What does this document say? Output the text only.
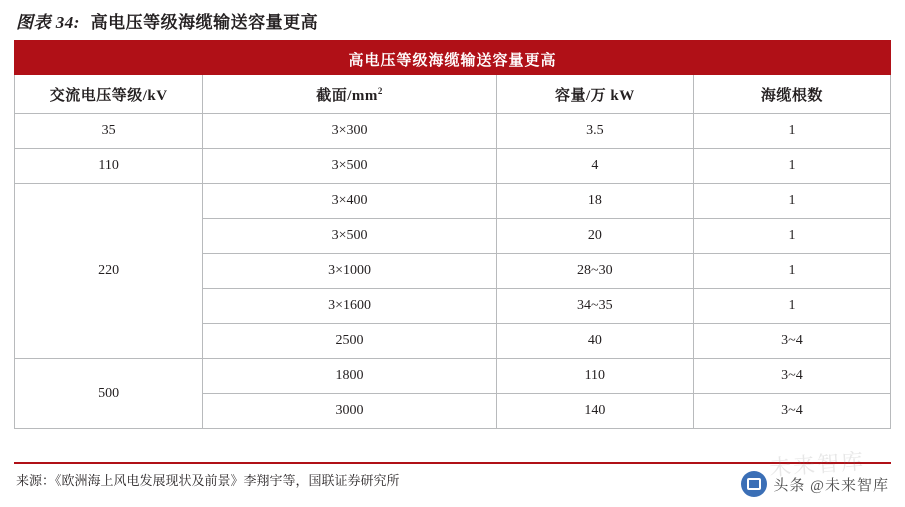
图表 34: 高电压等级海缆输送容量更高
高电压等级海缆输送容量更高			
交流电压等级/kV	截面$/mm^2$	容量/万 kW	海缆根数
35	3×300	3.5	1
110	3×500	4	1
220	3×400	18	1
	3×500	20	1
	3×1000	28~30	1
	3×1600	34~35	1
	2500	40	3~4
500	1800	110	3~4
	3000	140	3~4
来源：《欧洲海上风电发展现状及前景》李翔宇等，国联证券研究所
未来智库
头条 @未来智库
